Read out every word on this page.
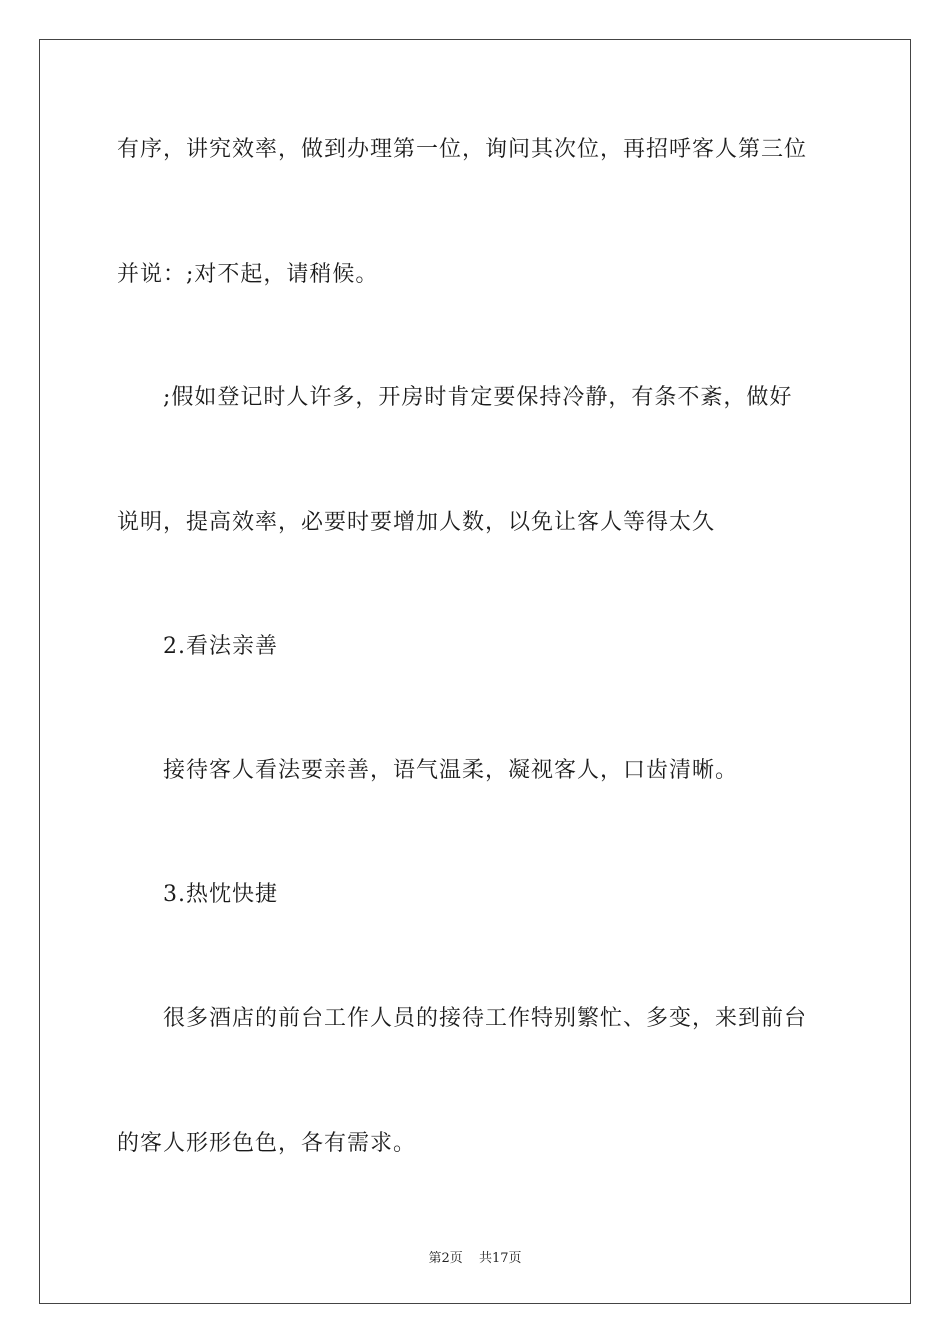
有序，讲究效率，做到办理第一位，询问其次位，再招呼客人第三位
并说：;对不起，请稍候。
;假如登记时人许多，开房时肯定要保持冷静，有条不紊，做好
说明，提高效率，必要时要增加人数，以免让客人等得太久
2.看法亲善
接待客人看法要亲善，语气温柔，凝视客人，口齿清晰。
3.热忱快捷
很多酒店的前台工作人员的接待工作特别繁忙、多变，来到前台
的客人形形色色，各有需求。
第2页 共17页
